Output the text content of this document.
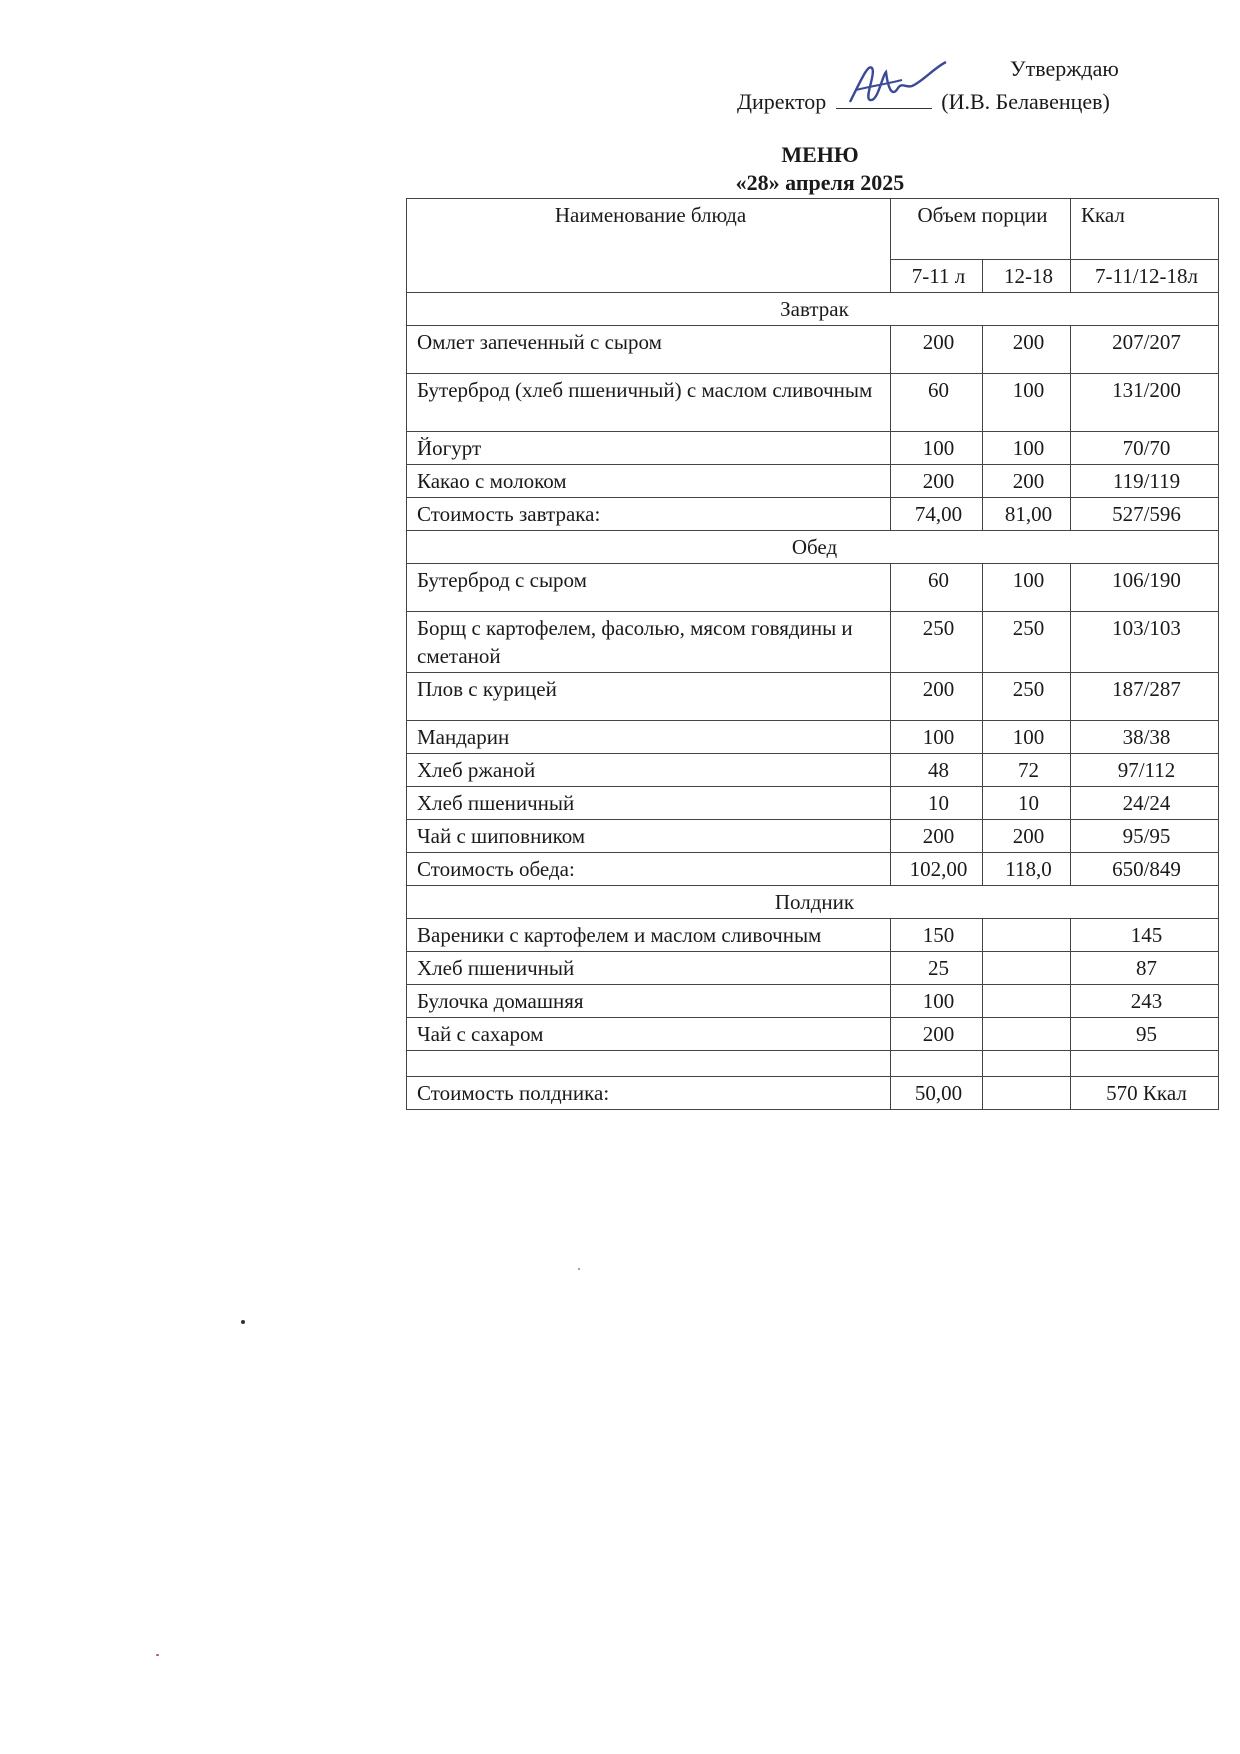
Утверждаю
Директор	(И.В. Белавенцев)
МЕНЮ
«28» апреля 2025
Наименование блюда	Объем порции		Ккал
	7-11 л	12-18	7-11/12-18л
Завтрак			
Омлет запеченный с сыром	200	200	207/207
Бутерброд (хлеб пшеничный) с маслом сливочным	60	100	131/200
Йогурт	100	100	70/70
Какао с молоком	200	200	119/119
Стоимость завтрака:	74,00	81,00	527/596
Обед			
Бутерброд с сыром	60	100	106/190
Борщ с картофелем, фасолью, мясом говядины и сметаной	250	250	103/103
Плов с курицей	200	250	187/287
Мандарин	100	100	38/38
Хлеб ржаной	48	72	97/112
Хлеб пшеничный	10	10	24/24
Чай с шиповником	200	200	95/95
Стоимость обеда:	102,00	118,0	650/849
Полдник			
Вареники с картофелем и маслом сливочным	150		145
Хлеб пшеничный	25		87
Булочка домашняя	100		243
Чай с сахаром	200		95

Стоимость полдника:	50,00		570 Ккал
